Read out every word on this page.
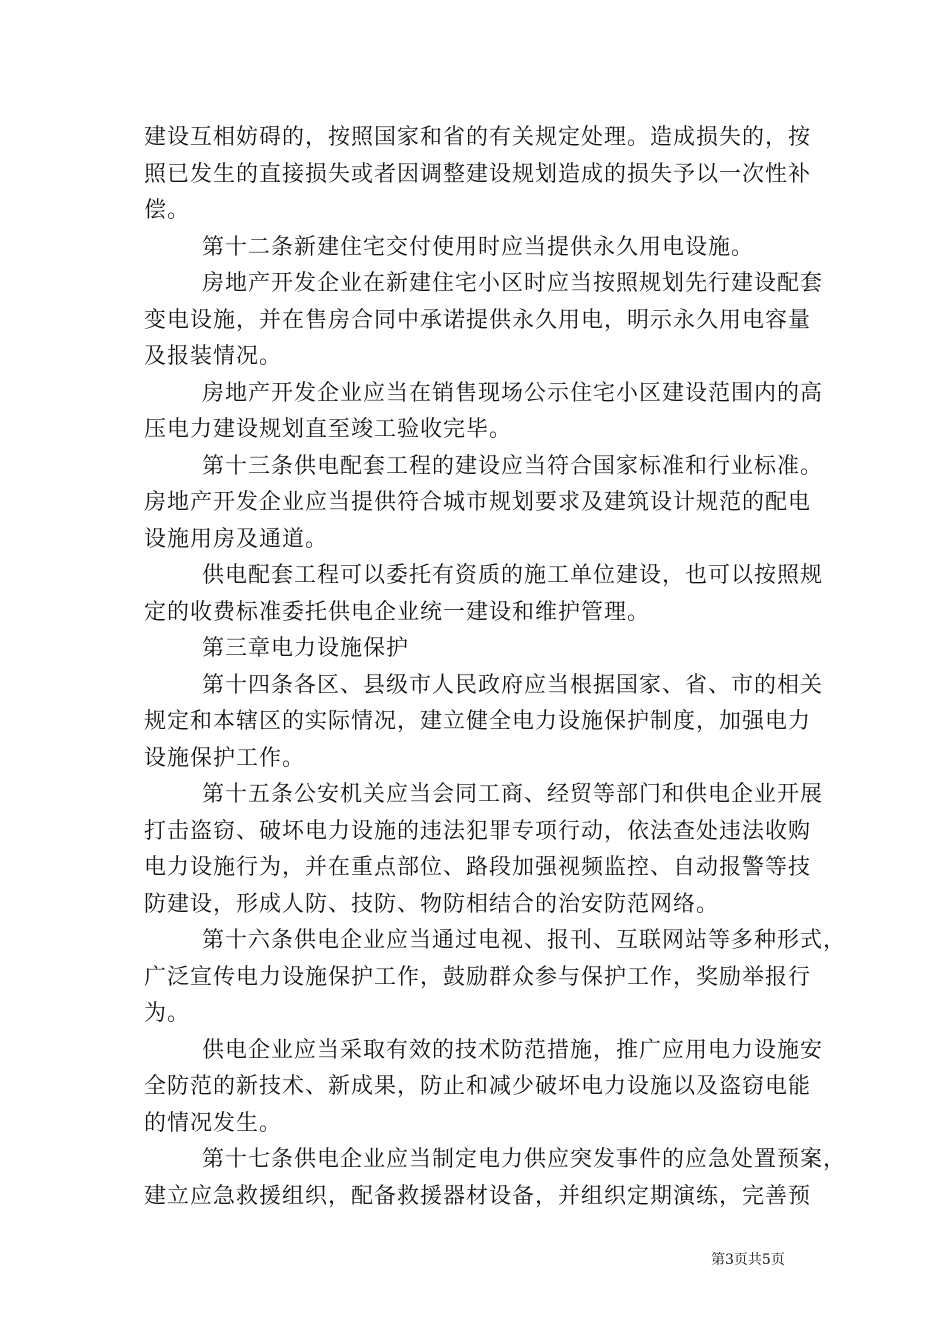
建设互相妨碍的，按照国家和省的有关规定处理。造成损失的，按
照已发生的直接损失或者因调整建设规划造成的损失予以一次性补
偿。
第十二条新建住宅交付使用时应当提供永久用电设施。
房地产开发企业在新建住宅小区时应当按照规划先行建设配套
变电设施，并在售房合同中承诺提供永久用电，明示永久用电容量
及报装情况。
房地产开发企业应当在销售现场公示住宅小区建设范围内的高
压电力建设规划直至竣工验收完毕。
第十三条供电配套工程的建设应当符合国家标准和行业标准。
房地产开发企业应当提供符合城市规划要求及建筑设计规范的配电
设施用房及通道。
供电配套工程可以委托有资质的施工单位建设，也可以按照规
定的收费标准委托供电企业统一建设和维护管理。
第三章电力设施保护
第十四条各区、县级市人民政府应当根据国家、省、市的相关
规定和本辖区的实际情况，建立健全电力设施保护制度，加强电力
设施保护工作。
第十五条公安机关应当会同工商、经贸等部门和供电企业开展
打击盗窃、破坏电力设施的违法犯罪专项行动，依法查处违法收购
电力设施行为，并在重点部位、路段加强视频监控、自动报警等技
防建设，形成人防、技防、物防相结合的治安防范网络。
第十六条供电企业应当通过电视、报刊、互联网站等多种形式，
广泛宣传电力设施保护工作，鼓励群众参与保护工作，奖励举报行
为。
供电企业应当采取有效的技术防范措施，推广应用电力设施安
全防范的新技术、新成果，防止和减少破坏电力设施以及盗窃电能
的情况发生。
第十七条供电企业应当制定电力供应突发事件的应急处置预案，
建立应急救援组织，配备救援器材设备，并组织定期演练，完善预
第3页共5页
